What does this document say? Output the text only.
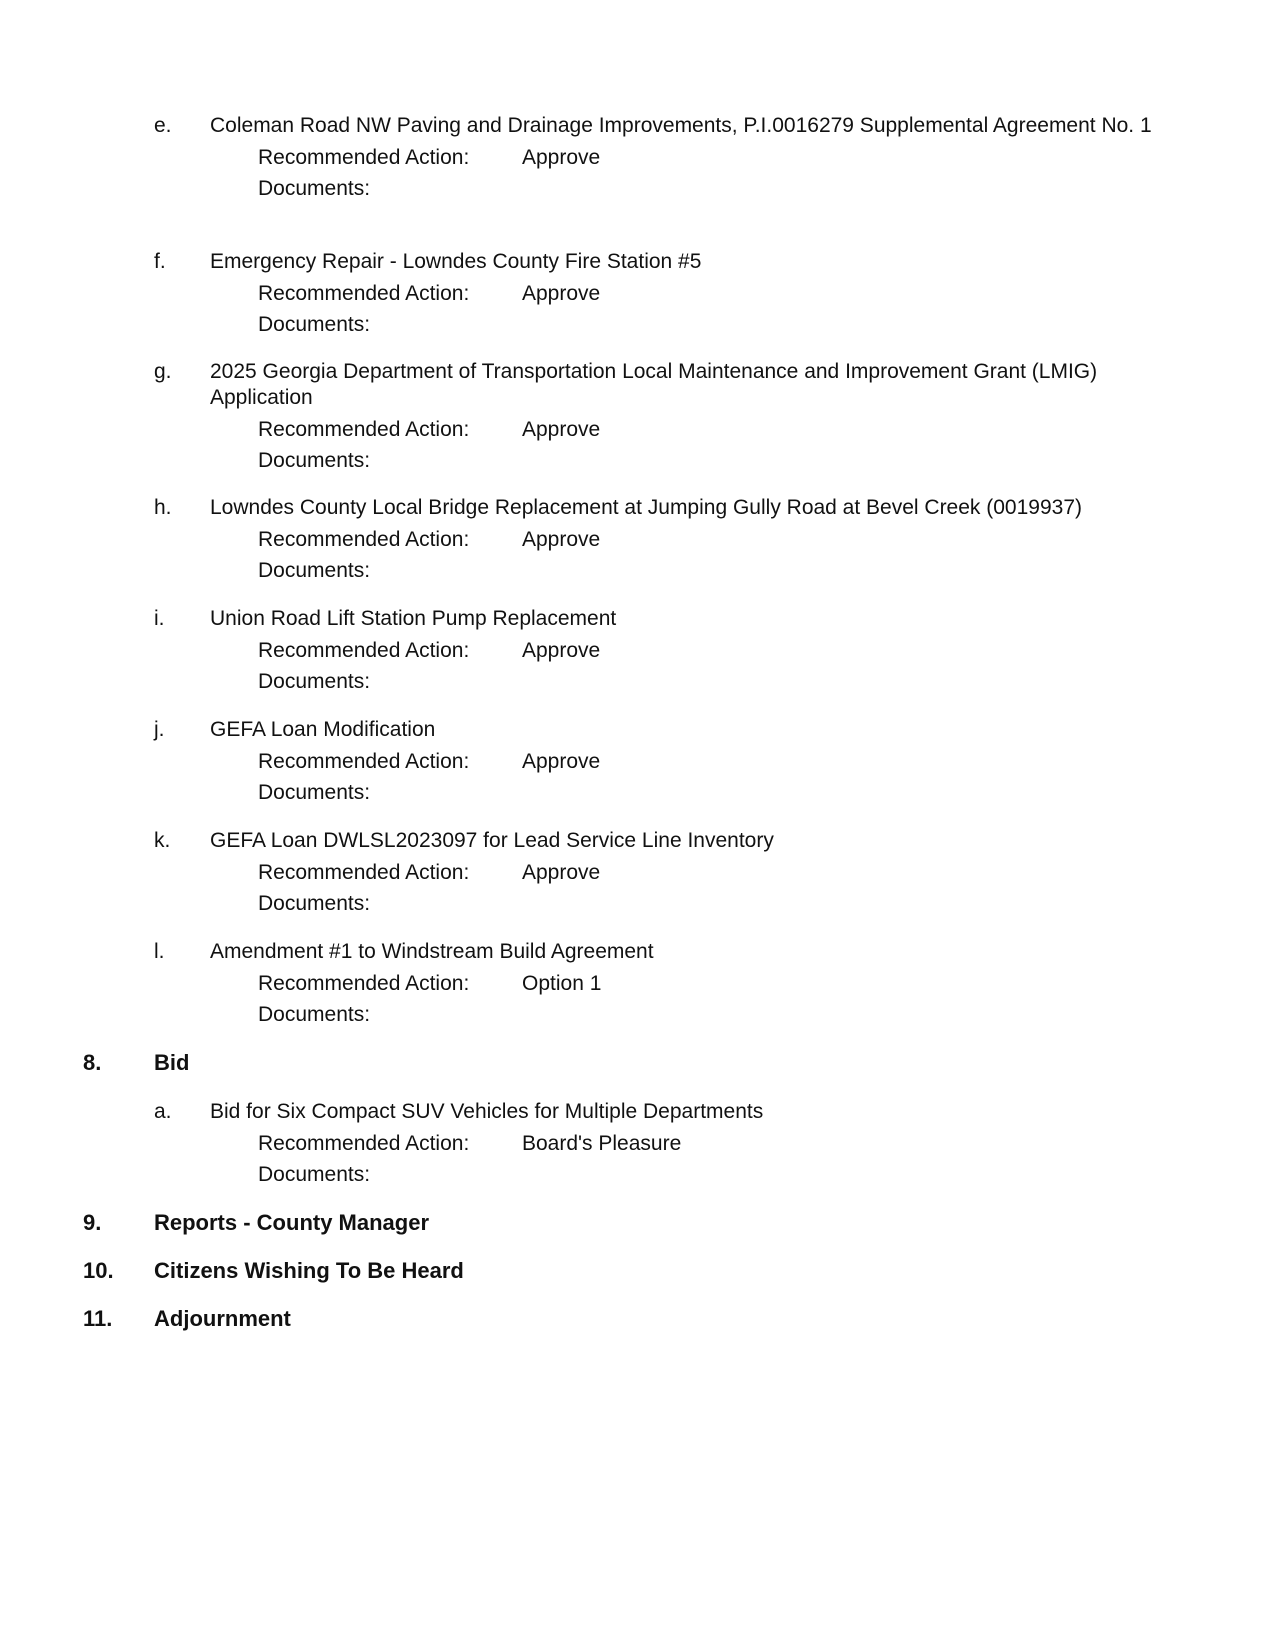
e. Coleman Road NW Paving and Drainage Improvements, P.I.0016279 Supplemental Agreement No. 1
Recommended Action:	Approve
Documents:
f. Emergency Repair - Lowndes County Fire Station #5
Recommended Action:	Approve
Documents:
g. 2025 Georgia Department of Transportation Local Maintenance and Improvement Grant (LMIG) Application
Recommended Action:	Approve
Documents:
h. Lowndes County Local Bridge Replacement at Jumping Gully Road at Bevel Creek (0019937)
Recommended Action:	Approve
Documents:
i. Union Road Lift Station Pump Replacement
Recommended Action:	Approve
Documents:
j. GEFA Loan Modification
Recommended Action:	Approve
Documents:
k. GEFA Loan DWLSL2023097 for Lead Service Line Inventory
Recommended Action:	Approve
Documents:
l. Amendment #1 to Windstream Build Agreement
Recommended Action:	Option 1
Documents:
8. Bid
a. Bid for Six Compact SUV Vehicles for Multiple Departments
Recommended Action:	Board's Pleasure
Documents:
9. Reports - County Manager
10. Citizens Wishing To Be Heard
11. Adjournment
